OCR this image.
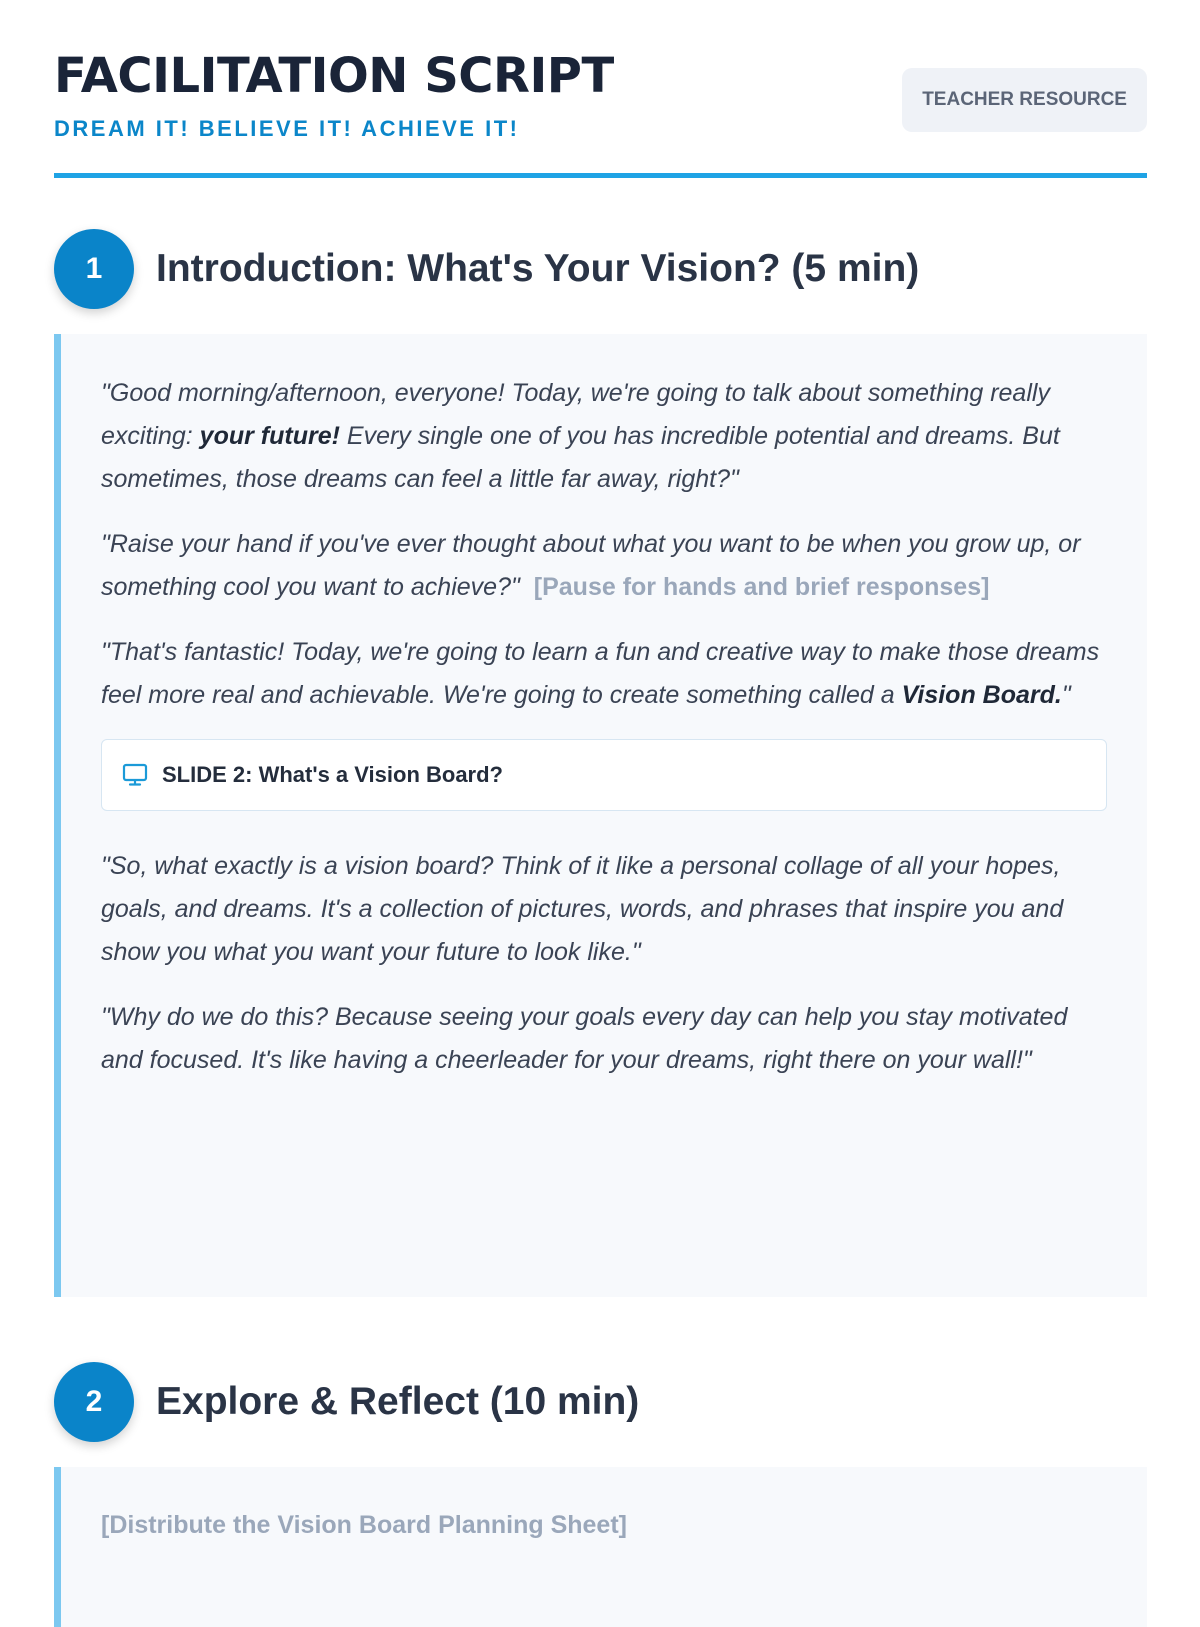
FACILITATION SCRIPT
DREAM IT! BELIEVE IT! ACHIEVE IT!
TEACHER RESOURCE
1	Introduction: What's Your Vision? (5 min)

"Good morning/afternoon, everyone! Today, we're going to talk about something really exciting: your future! Every single one of you has incredible potential and dreams. But sometimes, those dreams can feel a little far away, right?"

"Raise your hand if you've ever thought about what you want to be when you grow up, or something cool you want to achieve?" [Pause for hands and brief responses]

"That's fantastic! Today, we're going to learn a fun and creative way to make those dreams feel more real and achievable. We're going to create something called a Vision Board."

SLIDE 2: What's a Vision Board?

"So, what exactly is a vision board? Think of it like a personal collage of all your hopes, goals, and dreams. It's a collection of pictures, words, and phrases that inspire you and show you what you want your future to look like."

"Why do we do this? Because seeing your goals every day can help you stay motivated and focused. It's like having a cheerleader for your dreams, right there on your wall!"

2	Explore & Reflect (10 min)

[Distribute the Vision Board Planning Sheet]
